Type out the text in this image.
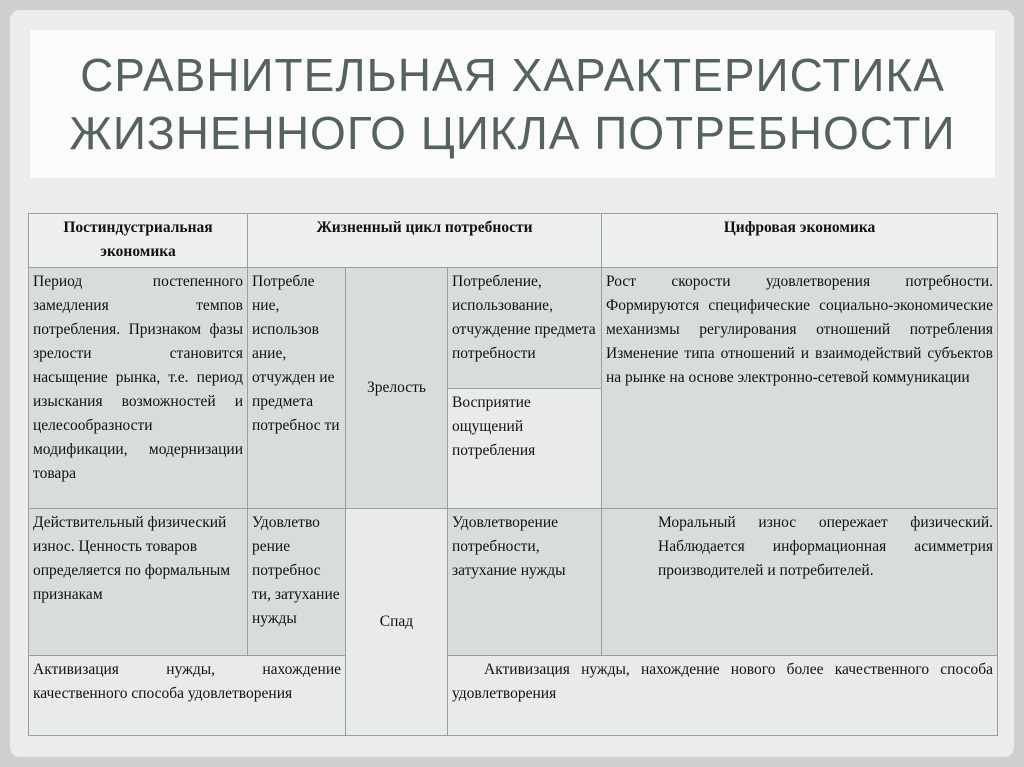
СРАВНИТЕЛЬНАЯ ХАРАКТЕРИСТИКА ЖИЗНЕННОГО ЦИКЛА ПОТРЕБНОСТИ
Постиндустриальная экономика
Жизненный цикл потребности	Цифровая экономика
Период постепенного замедления темпов потребления. Признаком фазы зрелости становится насыщение рынка, т.е. период изыскания возможностей и целесообразности модификации, модернизации товара
Потребле ние, использов ание, отчужден ие предмета потребнос ти
Зрелость
Потребление, использование, отчуждение предмета потребности
Восприятие ощущений потребления
Рост скорости удовлетворения потребности. Формируются специфические социально-экономические механизмы регулирования отношений потребления Изменение типа отношений и взаимодействий субъектов на рынке на основе электронно-сетевой коммуникации
Действительный физический износ. Ценность товаров определяется по формальным признакам
Удовлетво рение потребнос ти, затухание нужды	Спад
Удовлетворение потребности, затухание нужды
Моральный износ опережает физический. Наблюдается информационная асимметрия производителей и потребителей.
Активизация нужды, нахождение качественного способа удовлетворения
Активизация нужды, нахождение нового более качественного способа удовлетворения
